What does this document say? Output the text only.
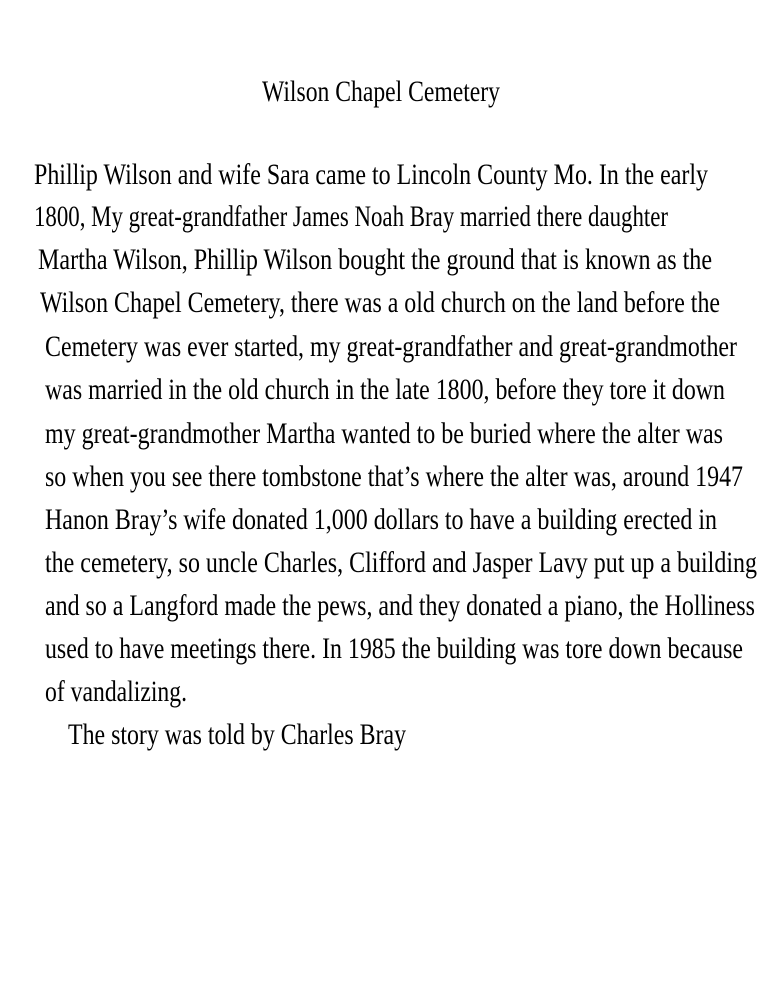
Wilson Chapel Cemetery
Phillip Wilson and wife Sara came to Lincoln County Mo. In the early
1800, My great-grandfather James Noah Bray married there daughter
Martha Wilson, Phillip Wilson bought the ground that is known as the
Wilson Chapel Cemetery, there was a old church on the land before the
Cemetery was ever started, my great-grandfather and great-grandmother
was married in the old church in the late 1800, before they tore it down
my great-grandmother Martha wanted to be buried where the alter was
so when you see there tombstone that’s where the alter was, around 1947
Hanon Bray’s wife donated 1,000 dollars to have a building erected in
the cemetery, so uncle Charles, Clifford and Jasper Lavy put up a building
and so a Langford made the pews, and they donated a piano, the Holliness
used to have meetings there. In 1985 the building was tore down because
of vandalizing.
The story was told by Charles Bray
